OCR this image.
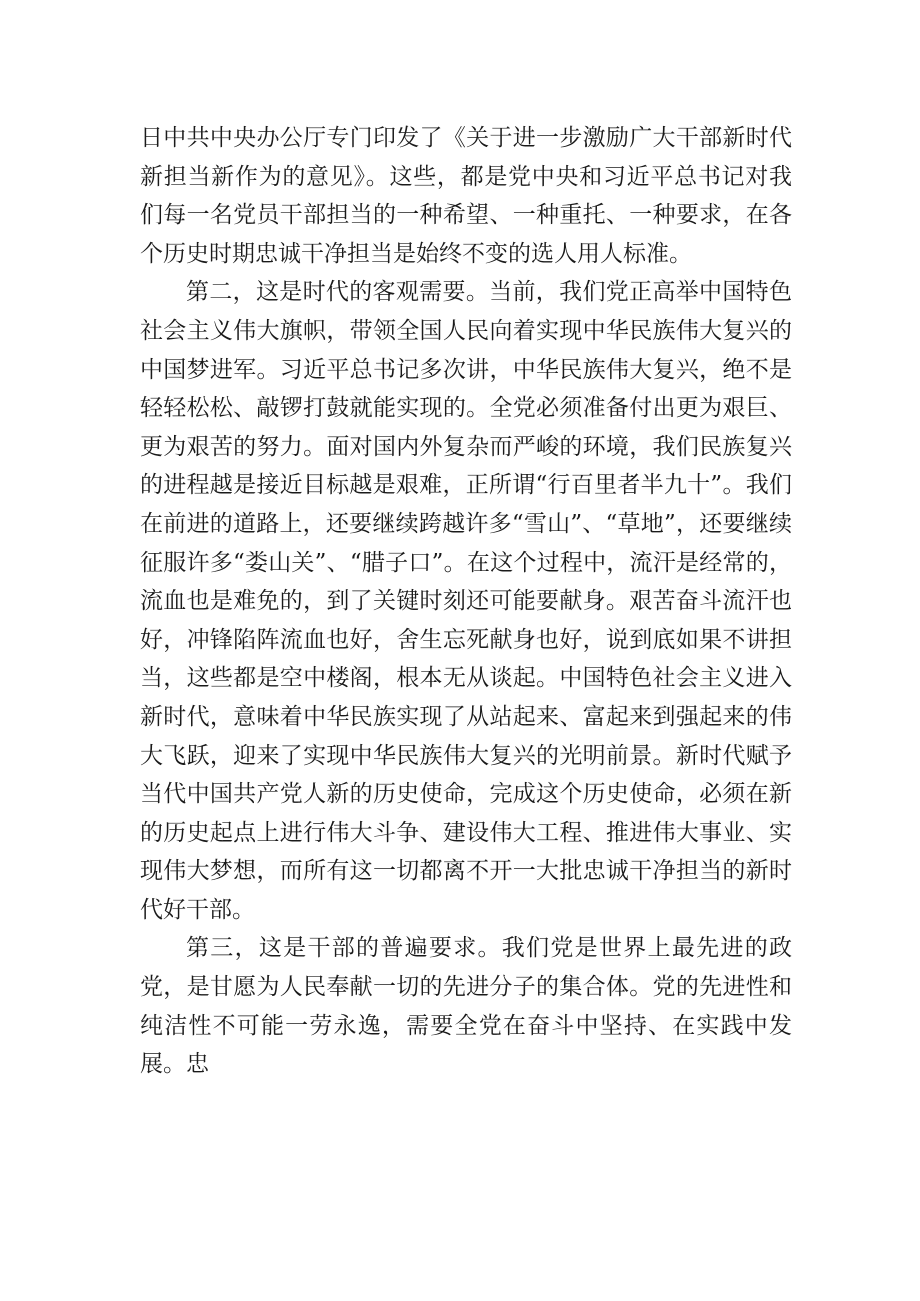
日中共中央办公厅专门印发了《关于进一步激励广大干部新时代新担当新作为的意见》。这些，都是党中央和习近平总书记对我们每一名党员干部担当的一种希望、一种重托、一种要求，在各个历史时期忠诚干净担当是始终不变的选人用人标准。

第二，这是时代的客观需要。当前，我们党正高举中国特色社会主义伟大旗帜，带领全国人民向着实现中华民族伟大复兴的中国梦进军。习近平总书记多次讲，中华民族伟大复兴，绝不是轻轻松松、敲锣打鼓就能实现的。全党必须准备付出更为艰巨、更为艰苦的努力。面对国内外复杂而严峻的环境，我们民族复兴的进程越是接近目标越是艰难，正所谓“行百里者半九十”。我们在前进的道路上，还要继续跨越许多“雪山”、“草地”，还要继续征服许多“娄山关”、“腊子口”。在这个过程中，流汗是经常的，流血也是难免的，到了关键时刻还可能要献身。艰苦奋斗流汗也好，冲锋陷阵流血也好，舍生忘死献身也好，说到底如果不讲担当，这些都是空中楼阁，根本无从谈起。中国特色社会主义进入新时代，意味着中华民族实现了从站起来、富起来到强起来的伟大飞跃，迎来了实现中华民族伟大复兴的光明前景。新时代赋予当代中国共产党人新的历史使命，完成这个历史使命，必须在新的历史起点上进行伟大斗争、建设伟大工程、推进伟大事业、实现伟大梦想，而所有这一切都离不开一大批忠诚干净担当的新时代好干部。

第三，这是干部的普遍要求。我们党是世界上最先进的政党，是甘愿为人民奉献一切的先进分子的集合体。党的先进性和纯洁性不可能一劳永逸，需要全党在奋斗中坚持、在实践中发展。忠
